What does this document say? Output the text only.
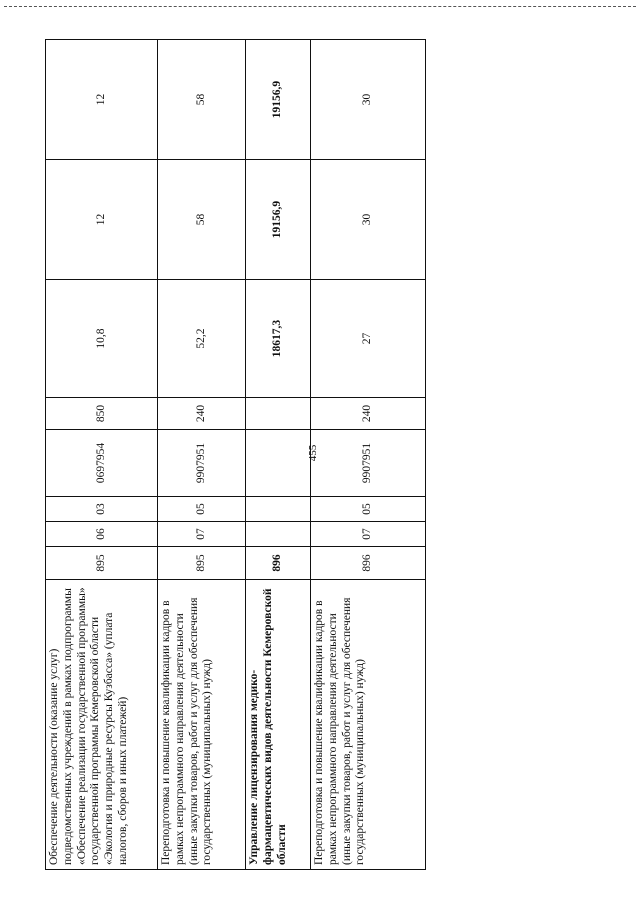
455
Обеспечение деятельности (оказание услуг) подведомственных учреждений в рамках подпрограммы «Обеспечение реализации государственной программы» государственной программы Кемеровской области «Экология и природные ресурсы Кузбасса» (уплата налогов, сборов и иных платежей)	895	06	03	0697954	850	10,8	12	12
Переподготовка и повышение квалификации кадров в рамках непрограммного направления деятельности (иные закупки товаров, работ и услуг для обеспечения государственных (муниципальных) нужд)	895	07	05	9907951	240	52,2	58	58
Управление лицензирования медико-фармацевтических видов деятельности Кемеровской области	896					18617,3	19156,9	19156,9
Переподготовка и повышение квалификации кадров в рамках непрограммного направления деятельности (иные закупки товаров, работ и услуг для обеспечения государственных (муниципальных) нужд)	896	07	05	9907951	240	27	30	30
